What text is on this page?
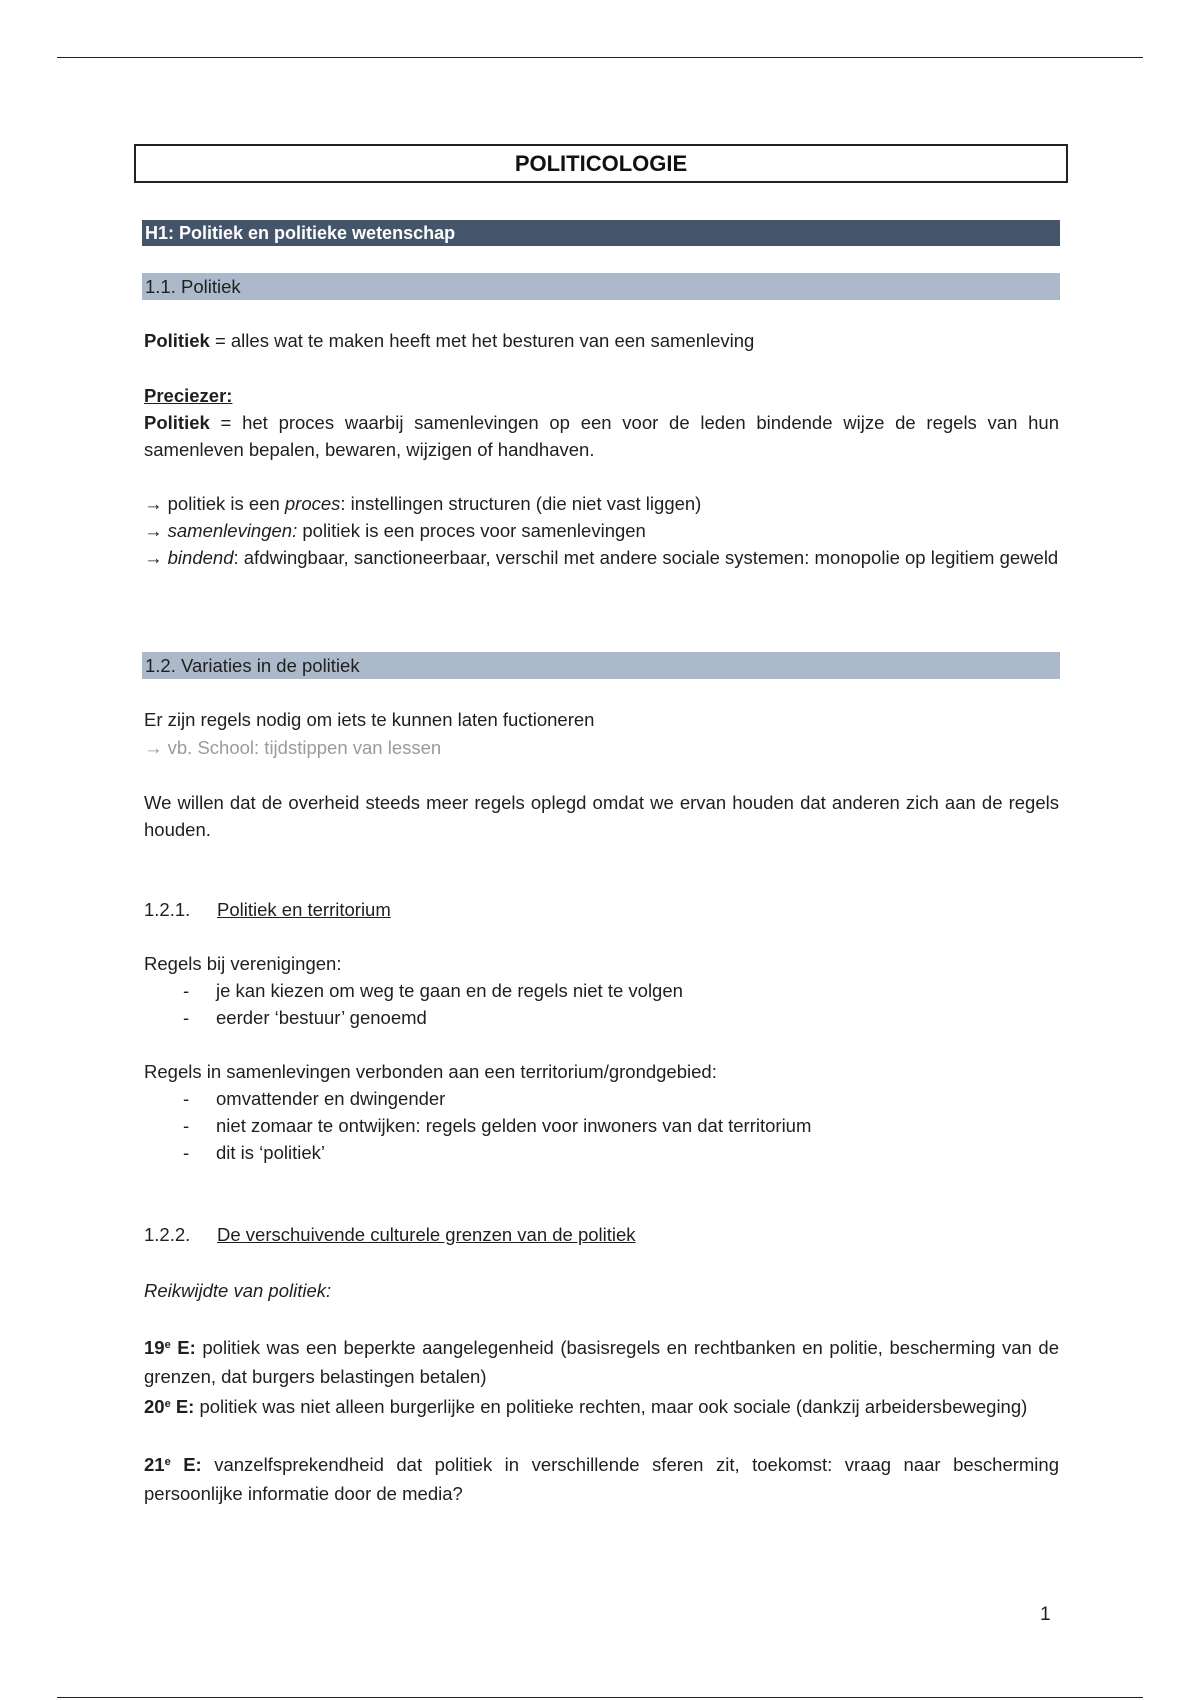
POLITICOLOGIE
H1: Politiek en politieke wetenschap
1.1. Politiek
Politiek = alles wat te maken heeft met het besturen van een samenleving
Preciezer:
Politiek = het proces waarbij samenlevingen op een voor de leden bindende wijze de regels van hun samenleven bepalen, bewaren, wijzigen of handhaven.
→ politiek is een proces: instellingen structuren (die niet vast liggen)
→ samenlevingen: politiek is een proces voor samenlevingen
→ bindend: afdwingbaar, sanctioneerbaar, verschil met andere sociale systemen: monopolie op legitiem geweld
1.2. Variaties in de politiek
Er zijn regels nodig om iets te kunnen laten fuctioneren
→ vb. School: tijdstippen van lessen
We willen dat de overheid steeds meer regels oplegd omdat we ervan houden dat anderen zich aan de regels houden.
1.2.1. Politiek en territorium
Regels bij verenigingen:
- je kan kiezen om weg te gaan en de regels niet te volgen
- eerder ‘bestuur’ genoemd
Regels in samenlevingen verbonden aan een territorium/grondgebied:
- omvattender en dwingender
- niet zomaar te ontwijken: regels gelden voor inwoners van dat territorium
- dit is ‘politiek’
1.2.2. De verschuivende culturele grenzen van de politiek
Reikwijdte van politiek:
19e E: politiek was een beperkte aangelegenheid (basisregels en rechtbanken en politie, bescherming van de grenzen, dat burgers belastingen betalen)
20e E: politiek was niet alleen burgerlijke en politieke rechten, maar ook sociale (dankzij arbeidersbeweging)
21e E: vanzelfsprekendheid dat politiek in verschillende sferen zit, toekomst: vraag naar bescherming persoonlijke informatie door de media?
1
